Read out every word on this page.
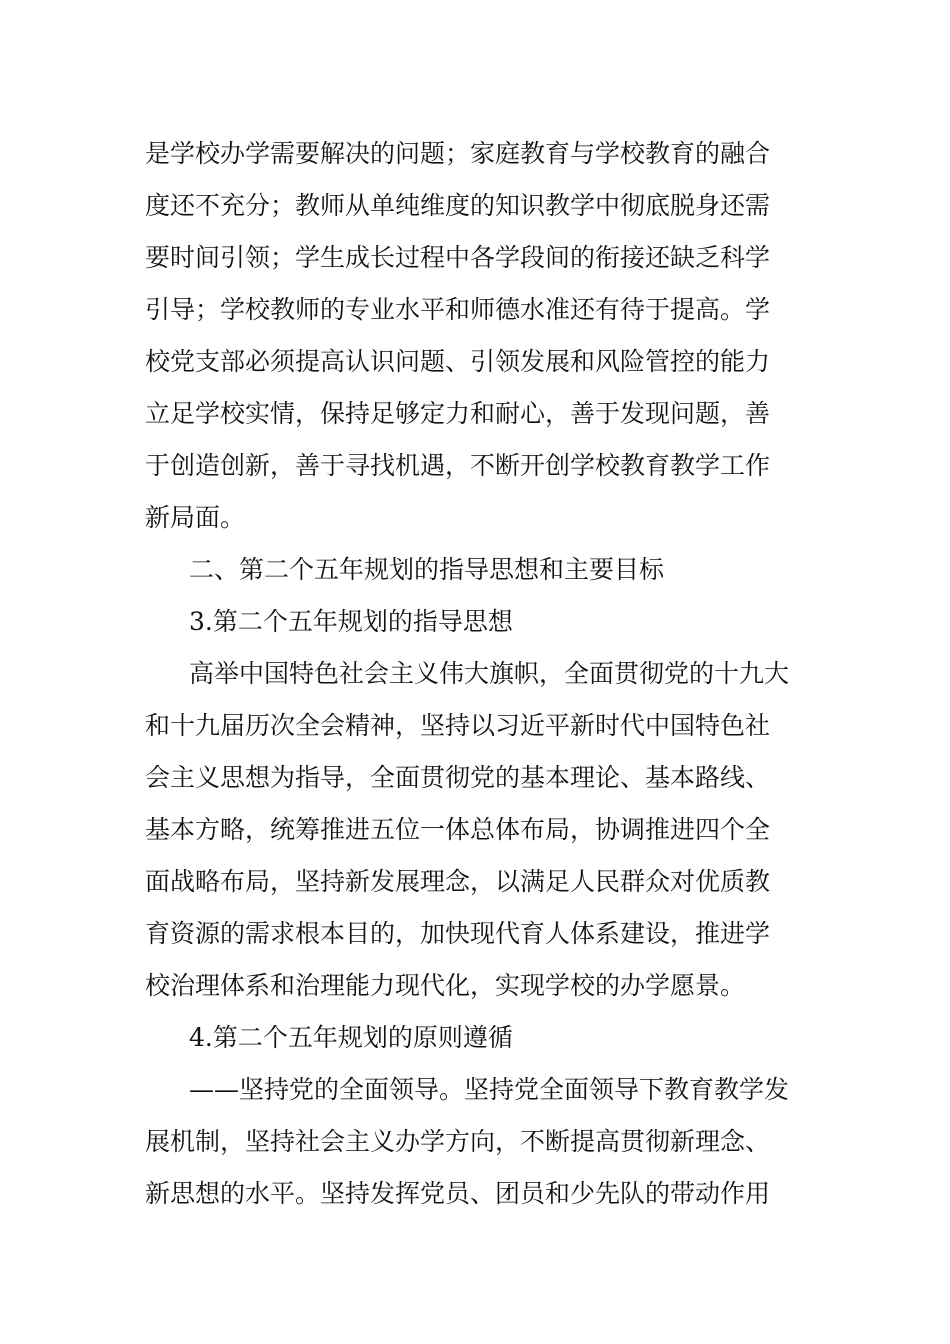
是学校办学需要解决的问题；家庭教育与学校教育的融合
度还不充分；教师从单纯维度的知识教学中彻底脱身还需
要时间引领；学生成长过程中各学段间的衔接还缺乏科学
引导；学校教师的专业水平和师德水准还有待于提高。学
校党支部必须提高认识问题、引领发展和风险管控的能力
立足学校实情，保持足够定力和耐心，善于发现问题，善
于创造创新，善于寻找机遇，不断开创学校教育教学工作
新局面。
二、第二个五年规划的指导思想和主要目标
3.第二个五年规划的指导思想
高举中国特色社会主义伟大旗帜，全面贯彻党的十九大
和十九届历次全会精神，坚持以习近平新时代中国特色社
会主义思想为指导，全面贯彻党的基本理论、基本路线、
基本方略，统筹推进五位一体总体布局，协调推进四个全
面战略布局，坚持新发展理念，以满足人民群众对优质教
育资源的需求根本目的，加快现代育人体系建设，推进学
校治理体系和治理能力现代化，实现学校的办学愿景。
4.第二个五年规划的原则遵循
——坚持党的全面领导。坚持党全面领导下教育教学发
展机制，坚持社会主义办学方向，不断提高贯彻新理念、
新思想的水平。坚持发挥党员、团员和少先队的带动作用
